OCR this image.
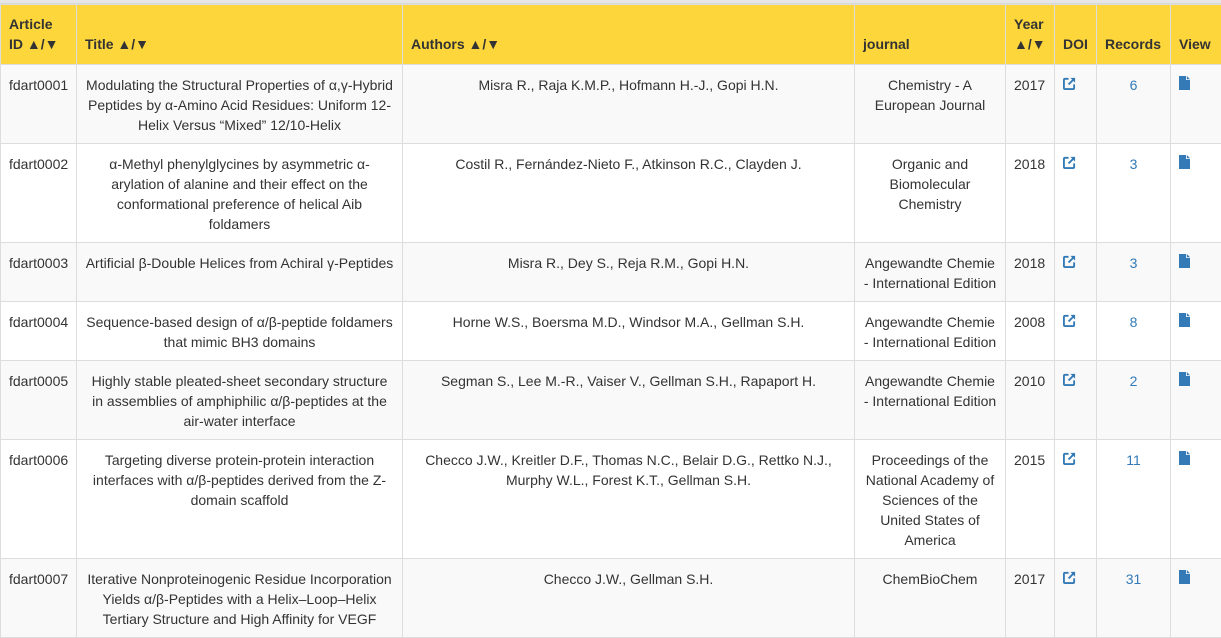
Article ID ▲/▼	Title ▲/▼	Authors ▲/▼	journal	Year ▲/▼	DOI	Records	View
fdart0001	Modulating the Structural Properties of α,γ-Hybrid Peptides by α-Amino Acid Residues: Uniform 12-Helix Versus “Mixed” 12/10-Helix	Misra R., Raja K.M.P., Hofmann H.-J., Gopi H.N.	Chemistry - A European Journal	2017		6	

fdart0002	α-Methyl phenylglycines by asymmetric α-arylation of alanine and their effect on the conformational preference of helical Aib foldamers	Costil R., Fernández-Nieto F., Atkinson R.C., Clayden J.	Organic and Biomolecular Chemistry	2018		3	

fdart0003	Artificial β-Double Helices from Achiral γ-Peptides	Misra R., Dey S., Reja R.M., Gopi H.N.	Angewandte Chemie - International Edition	2018		3	

fdart0004	Sequence-based design of α/β-peptide foldamers that mimic BH3 domains	Horne W.S., Boersma M.D., Windsor M.A., Gellman S.H.	Angewandte Chemie - International Edition	2008		8	

fdart0005	Highly stable pleated-sheet secondary structure in assemblies of amphiphilic α/β-peptides at the air-water interface	Segman S., Lee M.-R., Vaiser V., Gellman S.H., Rapaport H.	Angewandte Chemie - International Edition	2010		2	

fdart0006	Targeting diverse protein-protein interaction interfaces with α/β-peptides derived from the Z-domain scaffold	Checco J.W., Kreitler D.F., Thomas N.C., Belair D.G., Rettko N.J., Murphy W.L., Forest K.T., Gellman S.H.	Proceedings of the National Academy of Sciences of the United States of America	2015		11	

fdart0007	Iterative Nonproteinogenic Residue Incorporation Yields α/β-Peptides with a Helix–Loop–Helix Tertiary Structure and High Affinity for VEGF	Checco J.W., Gellman S.H.	ChemBioChem	2017		31	
